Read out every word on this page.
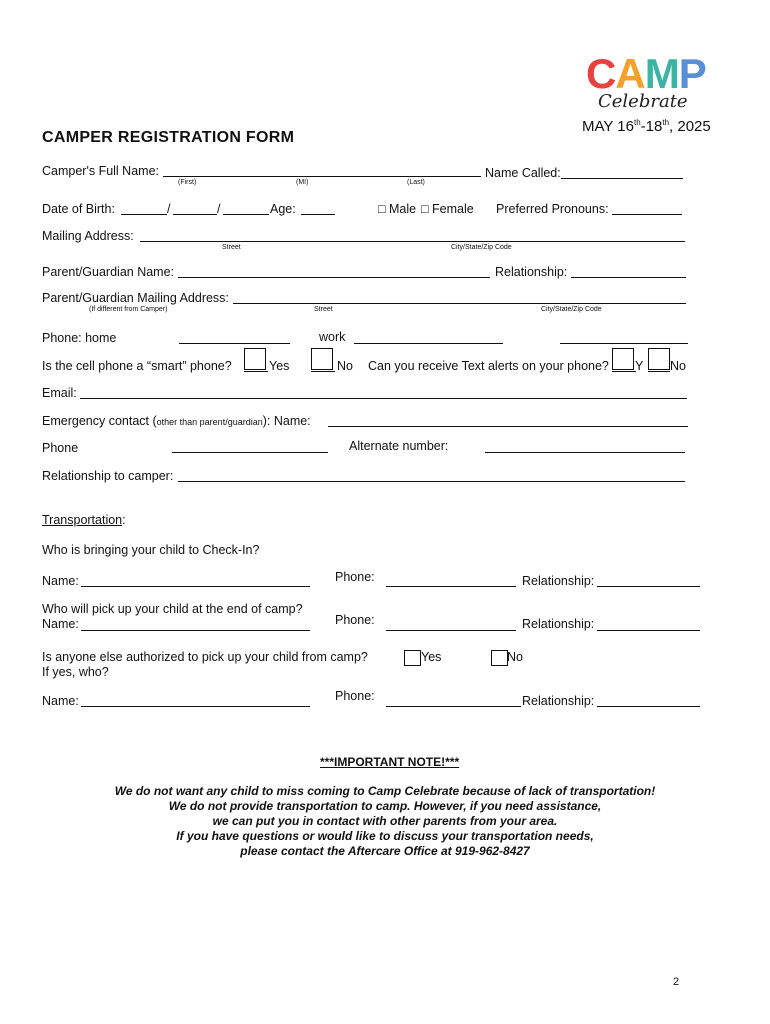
CAMP
Celebrate
MAY 16th-18th, 2025
CAMPER REGISTRATION FORM
Camper's Full Name:
(First)	(MI)	(Last)
Name Called:
Date of Birth:	/	/	Age:	□ Male □ Female Preferred Pronouns:
Mailing Address:
Street	City/State/Zip Code
Parent/Guardian Name:	Relationship:
Parent/Guardian Mailing Address:
(If different from Camper)	Street	City/State/Zip Code
Phone: home	work
Is the cell phone a “smart” phone?	Yes	No Can you receive Text alerts on your phone? Y No
Email:
Emergency contact (other than parent/guardian): Name:
Phone	Alternate number:
Relationship to camper:
Transportation:
Who is bringing your child to Check-In?
Name:	Phone:	Relationship:
Who will pick up your child at the end of camp?
Name:	Phone:	Relationship:
Is anyone else authorized to pick up your child from camp?	Yes	No
If yes, who?
Name:	Phone:	Relationship:
***IMPORTANT NOTE!***
We do not want any child to miss coming to Camp Celebrate because of lack of transportation!
We do not provide transportation to camp. However, if you need assistance,
we can put you in contact with other parents from your area.
If you have questions or would like to discuss your transportation needs,
please contact the Aftercare Office at 919-962-8427
2
